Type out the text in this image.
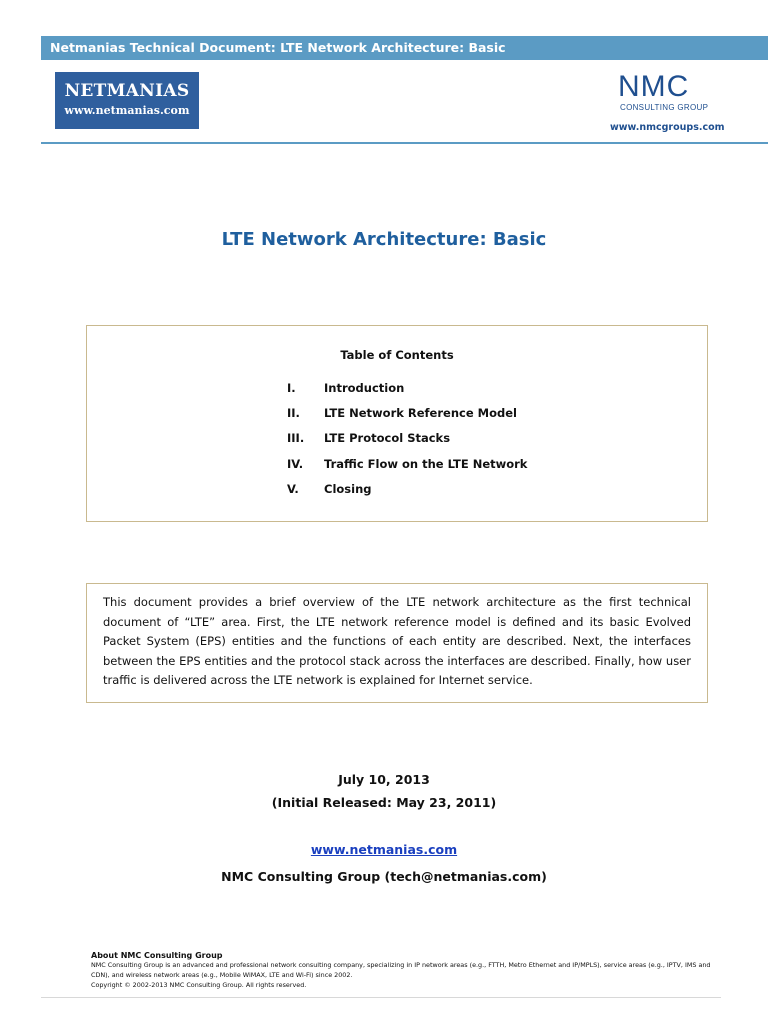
Netmanias Technical Document: LTE Network Architecture: Basic
NETMANIAS
www.netmanias.com
NMC
CONSULTING GROUP
www.nmcgroups.com
LTE Network Architecture: Basic
Table of Contents
I. Introduction
II. LTE Network Reference Model
III. LTE Protocol Stacks
IV. Traffic Flow on the LTE Network
V. Closing

This document provides a brief overview of the LTE network architecture as the first technical document of “LTE” area. First, the LTE network reference model is defined and its basic Evolved Packet System (EPS) entities and the functions of each entity are described. Next, the interfaces between the EPS entities and the protocol stack across the interfaces are described. Finally, how user traffic is delivered across the LTE network is explained for Internet service.

July 10, 2013
(Initial Released: May 23, 2011)
www.netmanias.com
NMC Consulting Group (tech@netmanias.com)
About NMC Consulting Group
NMC Consulting Group is an advanced and professional network consulting company, specializing in IP network areas (e.g., FTTH, Metro Ethernet and IP/MPLS), service areas (e.g., IPTV, IMS and CDN), and wireless network areas (e.g., Mobile WiMAX, LTE and Wi-Fi) since 2002.
Copyright © 2002-2013 NMC Consulting Group. All rights reserved.
